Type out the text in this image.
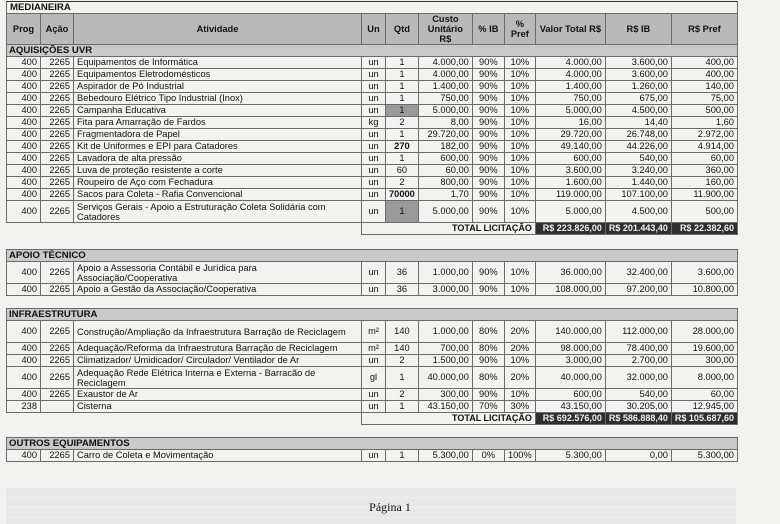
MEDIANEIRA										
Prog	Ação	Atividade	Un	Qtd	Custo Unitário R$	% IB	% Pref	Valor Total R$	R$ IB	R$ Pref
AQUISIÇÕES UVR										
400	2265	Equipamentos de Informática	un	1	4.000,00	90%	10%	4.000,00	3.600,00	400,00
400	2265	Equipamentos Eletrodomésticos	un	1	4.000,00	90%	10%	4.000,00	3.600,00	400,00
400	2265	Aspirador de Pó Industrial	un	1	1.400,00	90%	10%	1.400,00	1.260,00	140,00
400	2265	Bebedouro Elétrico Tipo Industrial (Inox)	un	1	750,00	90%	10%	750,00	675,00	75,00
400	2265	Campanha Educativa	un	1	5.000,00	90%	10%	5.000,00	4.500,00	500,00
400	2265	Fita para Amarração de Fardos	kg	2	8,00	90%	10%	16,00	14,40	1,60
400	2265	Fragmentadora de Papel	un	1	29.720,00	90%	10%	29.720,00	26.748,00	2.972,00
400	2265	Kit de Uniformes e EPI para Catadores	un	270	182,00	90%	10%	49.140,00	44.226,00	4.914,00
400	2265	Lavadora de alta pressão	un	1	600,00	90%	10%	600,00	540,00	60,00
400	2265	Luva de proteção resistente a corte	un	60	60,00	90%	10%	3.600,00	3.240,00	360,00
400	2265	Roupeiro de Aço com Fechadura	un	2	800,00	90%	10%	1.600,00	1.440,00	160,00
400	2265	Sacos para Coleta - Rafia Convencional	un	70000	1,70	90%	10%	119.000,00	107.100,00	11.900,00
400	2265	Serviços Gerais - Apoio a Estruturação Coleta Solidária com Catadores	un	1	5.000,00	90%	10%	5.000,00	4.500,00	500,00
			TOTAL LICITAÇÃO					R$ 223.826,00	R$ 201.443,40	R$ 22.382,60

APOIO TÉCNICO										
400	2265	Apoio a Assessoria Contábil e Jurídica para Associação/Cooperativa	un	36	1.000,00	90%	10%	36.000,00	32.400,00	3.600,00
400	2265	Apoio a Gestão da Associação/Cooperativa	un	36	3.000,00	90%	10%	108.000,00	97.200,00	10.800,00

INFRAESTRUTURA										
400	2265	Construção/Ampliação da Infraestrutura Barração de Reciclagem	m²	140	1.000,00	80%	20%	140.000,00	112.000,00	28.000,00
400	2265	Adequação/Reforma da Infraestrutura Barração de Reciclagem	m²	140	700,00	80%	20%	98.000,00	78.400,00	19.600,00
400	2265	Climatizador/ Umidicador/ Circulador/ Ventilador de Ar	un	2	1.500,00	90%	10%	3.000,00	2.700,00	300,00
400	2265	Adequação Rede Elétrica Interna e Externa - Barracão de Reciclagem	gl	1	40.000,00	80%	20%	40.000,00	32.000,00	8.000,00
400	2265	Exaustor de Ar	un	2	300,00	90%	10%	600,00	540,00	60,00
238		Cisterna	un	1	43.150,00	70%	30%	43.150,00	30.205,00	12.945,00
			TOTAL LICITAÇÃO					R$ 692.576,00	R$ 586.888,40	R$ 105.687,60

OUTROS EQUIPAMENTOS										
400	2265	Carro de Coleta e Movimentação	un	1	5.300,00	0%	100%	5.300,00	0,00	5.300,00
Página 1
